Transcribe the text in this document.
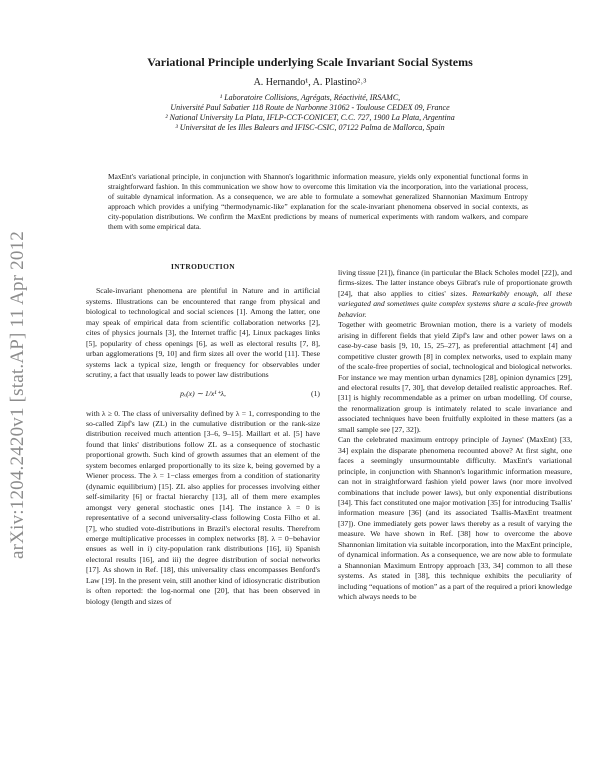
arXiv:1204.2420v1 [stat.AP] 11 Apr 2012
Variational Principle underlying Scale Invariant Social Systems
A. Hernando¹, A. Plastino²˒³
¹ Laboratoire Collisions, Agrégats, Réactivité, IRSAMC,
Université Paul Sabatier 118 Route de Narbonne 31062 - Toulouse CEDEX 09, France
² National University La Plata, IFLP-CCT-CONICET, C.C. 727, 1900 La Plata, Argentina
³ Universitat de les Illes Balears and IFISC-CSIC, 07122 Palma de Mallorca, Spain
MaxEnt's variational principle, in conjunction with Shannon's logarithmic information measure, yields only exponential functional forms in straightforward fashion. In this communication we show how to overcome this limitation via the incorporation, into the variational process, of suitable dynamical information. As a consequence, we are able to formulate a somewhat generalized Shannonian Maximum Entropy approach which provides a unifying “thermodynamic-like” explanation for the scale-invariant phenomena observed in social contexts, as city-population distributions. We confirm the MaxEnt predictions by means of numerical experiments with random walkers, and compare them with some empirical data.
INTRODUCTION

Scale-invariant phenomena are plentiful in Nature and in artificial systems. Illustrations can be encountered that range from physical and biological to technological and social sciences [1]. Among the latter, one may speak of empirical data from scientific collaboration networks [2], cites of physics journals [3], the Internet traffic [4], Linux packages links [5], popularity of chess openings [6], as well as electoral results [7, 8], urban agglomerations [9, 10] and firm sizes all over the world [11]. These systems lack a typical size, length or frequency for observables under scrutiny, a fact that usually leads to power law distributions

pₓ(x) ∼ 1/x¹⁺λ,	(1)

with λ ≥ 0. The class of universality defined by λ = 1, corresponding to the so-called Zipf's law (ZL) in the cumulative distribution or the rank-size distribution received much attention [3–6, 9–15]. Maillart et al. [5] have found that links' distributions follow ZL as a consequence of stochastic proportional growth. Such kind of growth assumes that an element of the system becomes enlarged proportionally to its size k, being governed by a Wiener process. The λ = 1−class emerges from a condition of stationarity (dynamic equilibrium) [15]. ZL also applies for processes involving either self-similarity [6] or fractal hierarchy [13], all of them mere examples amongst very general stochastic ones [14]. The instance λ = 0 is representative of a second universality-class following Costa Filho et al. [7], who studied vote-distributions in Brazil's electoral results. Therefrom emerge multiplicative processes in complex networks [8]. λ = 0−behavior ensues as well in i) city-population rank distributions [16], ii) Spanish electoral results [16], and iii) the degree distribution of social networks [17]. As shown in Ref. [18], this universality class encompasses Benford's Law [19]. In the present vein, still another kind of idiosyncratic distribution is often reported: the log-normal one [20], that has been observed in biology (length and sizes of

living tissue [21]), finance (in particular the Black Scholes model [22]), and firms-sizes. The latter instance obeys Gibrat's rule of proportionate growth [24], that also applies to cities' sizes. Remarkably enough, all these variegated and sometimes quite complex systems share a scale-free growth behavior.

Together with geometric Brownian motion, there is a variety of models arising in different fields that yield Zipf's law and other power laws on a case-by-case basis [9, 10, 15, 25–27], as preferential attachment [4] and competitive cluster growth [8] in complex networks, used to explain many of the scale-free properties of social, technological and biological networks. For instance we may mention urban dynamics [28], opinion dynamics [29], and electoral results [7, 30], that develop detailed realistic approaches. Ref. [31] is highly recommendable as a primer on urban modelling. Of course, the renormalization group is intimately related to scale invariance and associated techniques have been fruitfully exploited in these matters (as a small sample see [27, 32]).

Can the celebrated maximum entropy principle of Jaynes' (MaxEnt) [33, 34] explain the disparate phenomena recounted above? At first sight, one faces a seemingly unsurmountable difficulty. MaxEnt's variational principle, in conjunction with Shannon's logarithmic information measure, can not in straightforward fashion yield power laws (nor more involved combinations that include power laws), but only exponential distributions [34]. This fact constituted one major motivation [35] for introducing Tsallis' information measure [36] (and its associated Tsallis-MaxEnt treatment [37]). One immediately gets power laws thereby as a result of varying the measure. We have shown in Ref. [38] how to overcome the above Shannonian limitation via suitable incorporation, into the MaxEnt principle, of dynamical information. As a consequence, we are now able to formulate a Shannonian Maximum Entropy approach [33, 34] common to all these systems. As stated in [38], this technique exhibits the peculiarity of including “equations of motion” as a part of the required a priori knowledge which always needs to be
